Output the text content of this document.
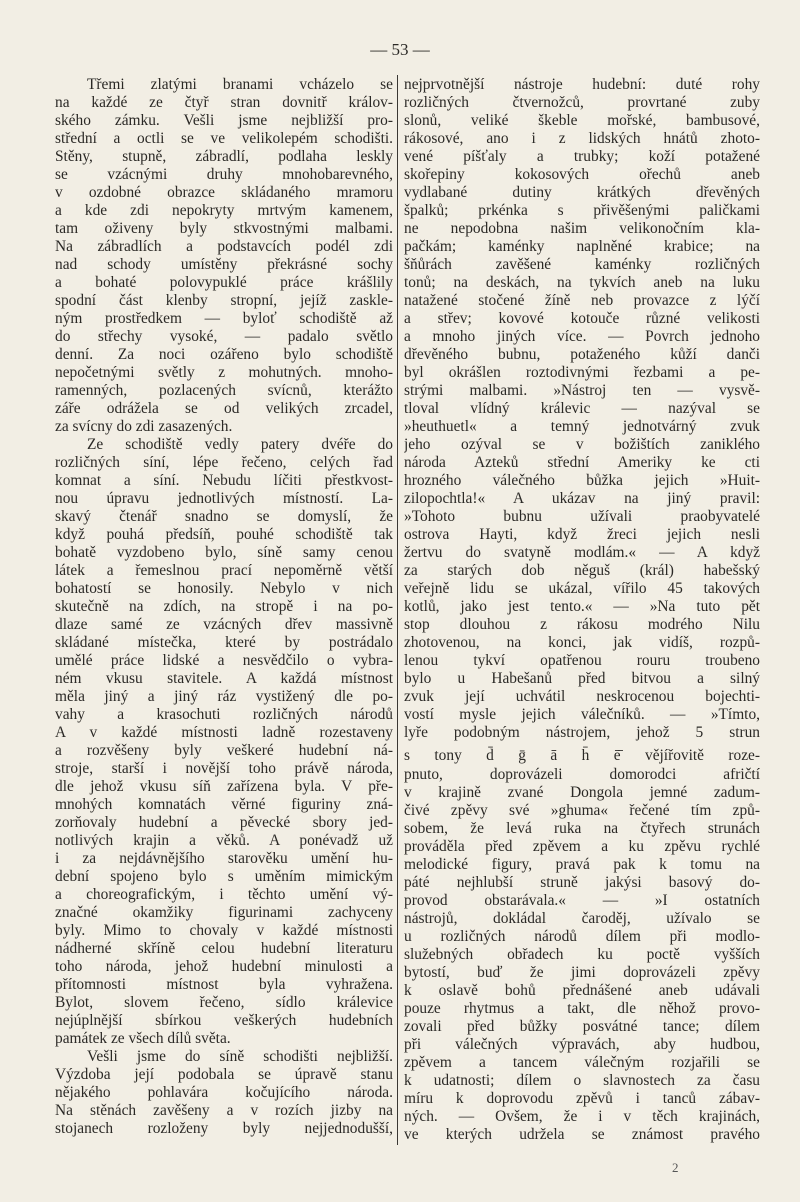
— 53 —
Třemi zlatými branami vcházelo se
na každé ze čtyř stran dovnitř králov-
ského zámku. Vešli jsme nejbližší pro-
střední a octli se ve velikolepém schodišti.
Stěny, stupně, zábradlí, podlaha leskly
se vzácnými druhy mnohobarevného,
v ozdobné obrazce skládaného mramoru
a kde zdi nepokryty mrtvým kamenem,
tam oživeny byly stkvostnými malbami.
Na zábradlích a podstavcích podél zdi
nad schody umístěny překrásné sochy
a bohaté polovypuklé práce krášlily
spodní část klenby stropní, jejíž zaskle-
ným prostředkem — bylоť schodiště až
do střechy vysoké, — padalo světlo
denní. Za noci ozářeno bylo schodiště
nepočetnými světly z mohutných. mnoho-
ramenných, pozlacených svícnů, kterážto
záře odrážela se od velikých zrcadel,
za svícny do zdi zasazených.
Ze schodiště vedly patery dvéře do
rozličných síní, lépe řečeno, celých řad
komnat a síní. Nebudu líčiti přestkvost-
nou úpravu jednotlivých místností. La-
skavý čtenář snadno se domyslí, že
když pouhá předsíň, pouhé schodiště tak
bohatě vyzdobeno bylo, síně samy cenou
látek a řemeslnou prací nepoměrně větší
bohatostí se honosily. Nebylo v nich
skutečně na zdích, na stropě i na po-
dlaze samé ze vzácných dřev massivně
skládané místečka, které by postrádalo
umělé práce lidské a nesvědčilo o vybra-
ném vkusu stavitele. A každá místnost
měla jiný a jiný ráz vystižený dle po-
vahy a krasochuti rozličných národů
A v každé místnosti ladně rozestaveny
a rozvěšeny byly veškeré hudební ná-
stroje, starší i novější toho právě národa,
dle jehož vkusu síň zařízena byla. V pře-
mnohých komnatách věrné figuriny zná-
zorňovaly hudební a pěvecké sbory jed-
notlivých krajin a věků. A ponévadž už
i za nejdávnějšího starověku umění hu-
dební spojeno bylo s uměním mimickým
a choreografickým, i těchto umění vý-
značné okamžiky figurinami zachyceny
byly. Mimo to chovaly v každé místnosti
nádherné skříně celou hudební literaturu
toho národa, jehož hudební minulosti a
přítomnosti místnost byla vyhražena.
Bylot, slovem řečeno, sídlo králevice
nejúplnější sbírkou veškerých hudebních
památek ze všech dílů světa.
Vešli jsme do síně schodišti nejbližší.
Výzdoba její podobala se úpravě stanu
nějakého pohlavára kočujícího národa.
Na stěnách zavěšeny a v rozích jizby na
stojanech rozloženy byly nejjednodušší,
nejprvotnější nástroje hudební: duté rohy
rozličných čtvernožců, provrtané zuby
slonů, veliké škeble mořské, bambusové,
rákosové, ano i z lidských hnátů zhoto-
vené píšťaly a trubky; koží potažené
skořepiny kokosových ořechů aneb
vydlabané dutiny krátkých dřevěných
špalků; prkénka s přivěšenými paličkami
ne nepodobna našim velikonočním kla-
pačkám; kaménky naplněné krabice; na
šňůrách zavěšené kaménky rozličných
tonů; na deskách, na tykvích aneb na luku
natažené stočené žíně neb provazce z lýčí
a střev; kovové kotouče různé velikosti
a mnoho jiných více. — Povrch jednoho
dřevěného bubnu, potaženého kůží danči
byl okrášlen roztodivnými řezbami a pe-
strými malbami. »Nástroj ten — vysvě-
tloval vlídný králevic — nazýval se
»heuthuetl« a temný jednotvárný zvuk
jeho ozýval se v božištích zaniklého
národa Azteků střední Ameriky ke cti
hrozného válečného bůžka jejich »Huit-
zilopochtla!« A ukázav na jiný pravil:
»Tohoto bubnu užívali praobyvatelé
ostrova Hayti, když žreci jejich nesli
žertvu do svatyně modlám.« — A když
za starých dob něguš (král) habešský
veřejně lidu se ukázal, vířilo 45 takových
kotlů, jako jest tento.« — »Na tuto pět
stop dlouhou z rákosu modrého Nilu
zhotovenou, na konci, jak vidíš, rozpů-
lenou tykví opatřenou rouru troubeno
bylo u Habešanů před bitvou a silný
zvuk její uchvátil neskrocenou bojechti-
vostí mysle jejich válečníků. — »Tímto,
lyře podobným nástrojem, jehož 5 strun
s tony d̄ ḡ ā h̄ ē̄ vějířovitě roze-
pnuto, doprovázeli domorodci afričtí
v krajině zvané Dongola jemné zadum-
čivé zpěvy své »ghuma« řečené tím způ-
sobem, že levá ruka na čtyřech strunách
prováděla před zpěvem a ku zpěvu rychlé
melodické figury, pravá pak k tomu na
páté nejhlubší struně jakýsi basový do-
provod obstarávala.« — »I ostatních
nástrojů, dokládal čaroděj, užívalo se
u rozličných národů dílem při modlo-
služebných obřadech ku poctě vyšších
bytostí, buď že jimi doprovázeli zpěvy
k oslavě bohů přednášené aneb udávali
pouze rhytmus a takt, dle něhož provo-
zovali před bůžky posvátné tance; dílem
při válečných výpravách, aby hudbou,
zpěvem a tancem válečným rozjařili se
k udatnosti; dílem o slavnostech za času
míru k doprovodu zpěvů i tanců zábav-
ných. — Ovšem, že i v těch krajinách,
ve kterých udržela se známost pravého
2
